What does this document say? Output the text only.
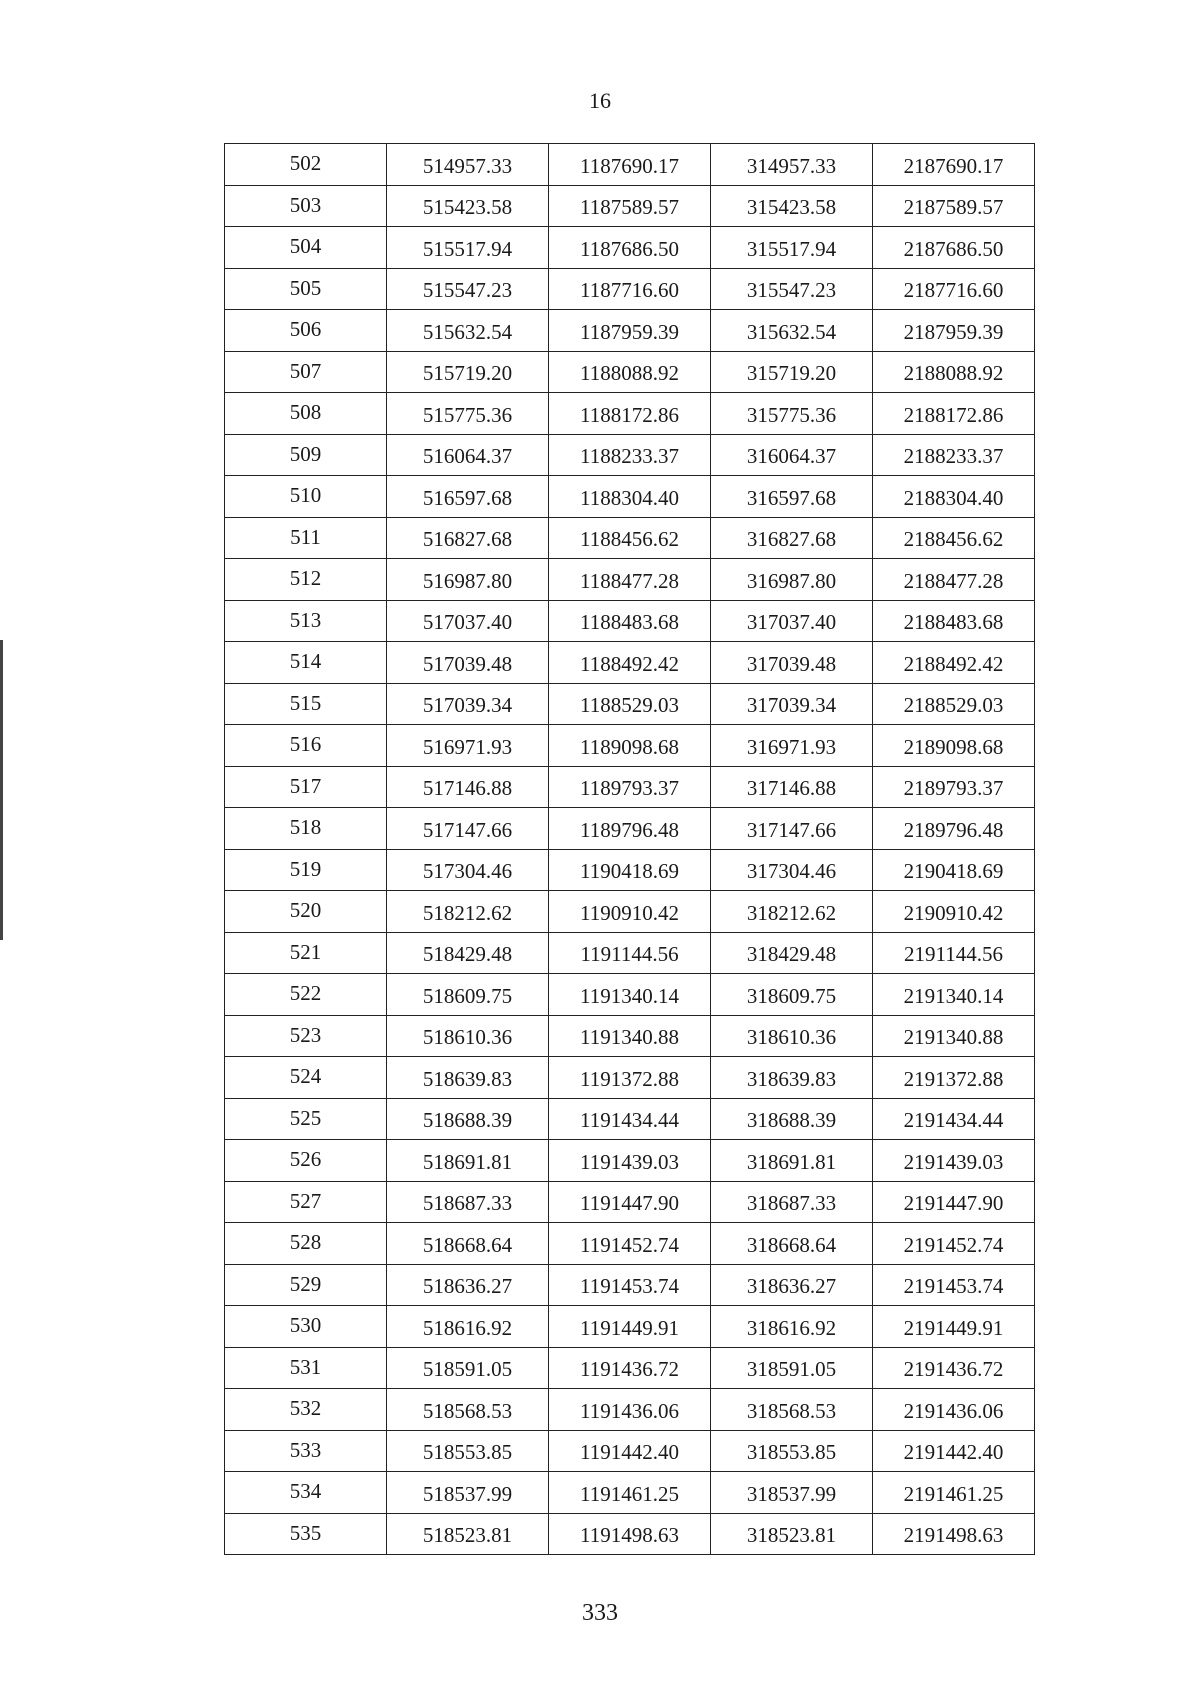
16
502	514957.33	1187690.17	314957.33	2187690.17
503	515423.58	1187589.57	315423.58	2187589.57
504	515517.94	1187686.50	315517.94	2187686.50
505	515547.23	1187716.60	315547.23	2187716.60
506	515632.54	1187959.39	315632.54	2187959.39
507	515719.20	1188088.92	315719.20	2188088.92
508	515775.36	1188172.86	315775.36	2188172.86
509	516064.37	1188233.37	316064.37	2188233.37
510	516597.68	1188304.40	316597.68	2188304.40
511	516827.68	1188456.62	316827.68	2188456.62
512	516987.80	1188477.28	316987.80	2188477.28
513	517037.40	1188483.68	317037.40	2188483.68
514	517039.48	1188492.42	317039.48	2188492.42
515	517039.34	1188529.03	317039.34	2188529.03
516	516971.93	1189098.68	316971.93	2189098.68
517	517146.88	1189793.37	317146.88	2189793.37
518	517147.66	1189796.48	317147.66	2189796.48
519	517304.46	1190418.69	317304.46	2190418.69
520	518212.62	1190910.42	318212.62	2190910.42
521	518429.48	1191144.56	318429.48	2191144.56
522	518609.75	1191340.14	318609.75	2191340.14
523	518610.36	1191340.88	318610.36	2191340.88
524	518639.83	1191372.88	318639.83	2191372.88
525	518688.39	1191434.44	318688.39	2191434.44
526	518691.81	1191439.03	318691.81	2191439.03
527	518687.33	1191447.90	318687.33	2191447.90
528	518668.64	1191452.74	318668.64	2191452.74
529	518636.27	1191453.74	318636.27	2191453.74
530	518616.92	1191449.91	318616.92	2191449.91
531	518591.05	1191436.72	318591.05	2191436.72
532	518568.53	1191436.06	318568.53	2191436.06
533	518553.85	1191442.40	318553.85	2191442.40
534	518537.99	1191461.25	318537.99	2191461.25
535	518523.81	1191498.63	318523.81	2191498.63
333
